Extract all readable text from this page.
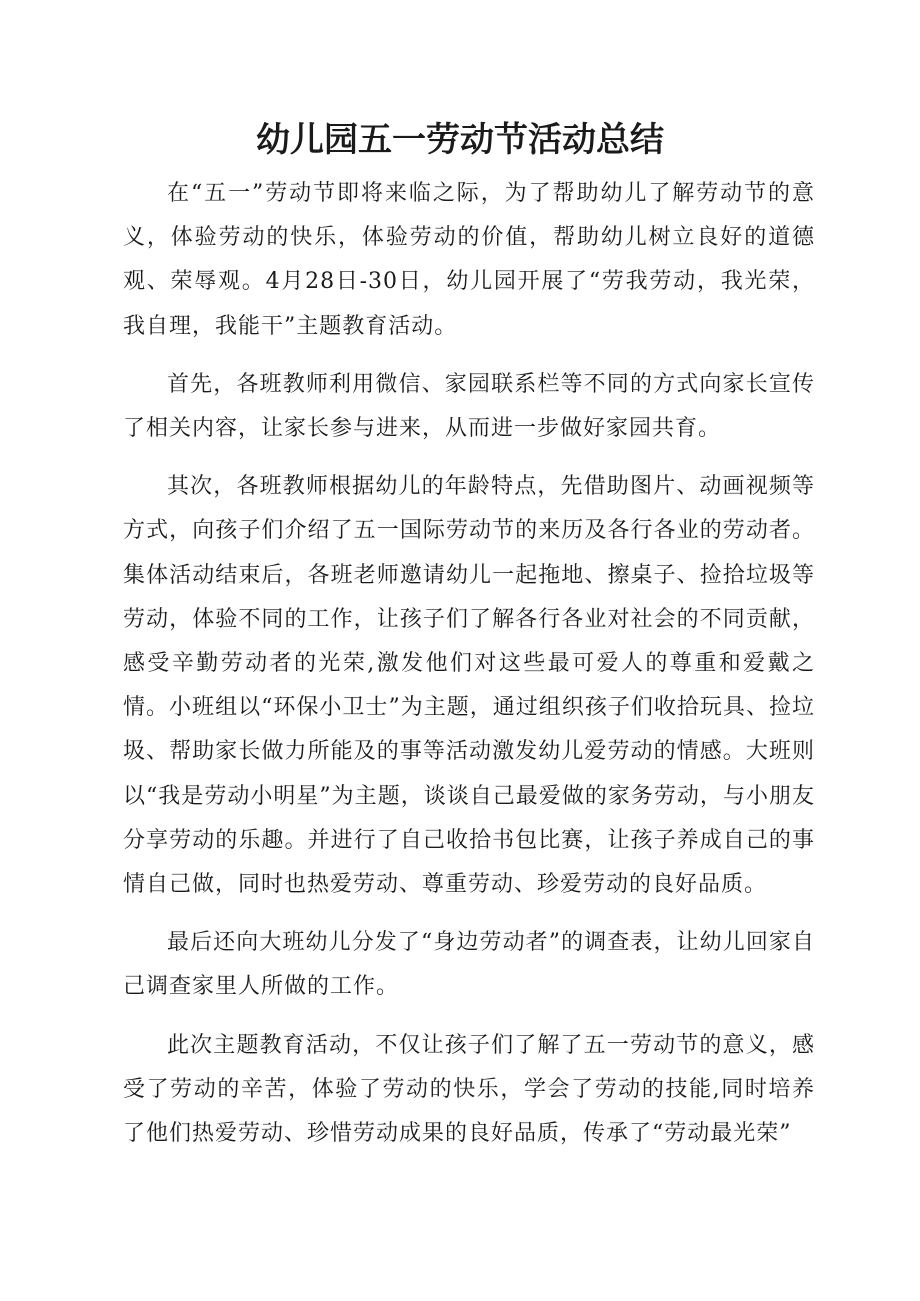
幼儿园五一劳动节活动总结

在“五一”劳动节即将来临之际，为了帮助幼儿了解劳动节的意义，体验劳动的快乐，体验劳动的价值，帮助幼儿树立良好的道德观、荣辱观。4月28日-30日，幼儿园开展了“劳我劳动，我光荣，我自理，我能干”主题教育活动。

首先，各班教师利用微信、家园联系栏等不同的方式向家长宣传了相关内容，让家长参与进来，从而进一步做好家园共育。

其次，各班教师根据幼儿的年龄特点，先借助图片、动画视频等方式，向孩子们介绍了五一国际劳动节的来历及各行各业的劳动者。集体活动结束后，各班老师邀请幼儿一起拖地、擦桌子、捡拾垃圾等劳动，体验不同的工作，让孩子们了解各行各业对社会的不同贡献，感受辛勤劳动者的光荣,激发他们对这些最可爱人的尊重和爱戴之情。小班组以“环保小卫士”为主题，通过组织孩子们收拾玩具、捡垃圾、帮助家长做力所能及的事等活动激发幼儿爱劳动的情感。大班则以“我是劳动小明星”为主题，谈谈自己最爱做的家务劳动，与小朋友分享劳动的乐趣。并进行了自己收拾书包比赛，让孩子养成自己的事情自己做，同时也热爱劳动、尊重劳动、珍爱劳动的良好品质。

最后还向大班幼儿分发了“身边劳动者”的调查表，让幼儿回家自己调查家里人所做的工作。

此次主题教育活动，不仅让孩子们了解了五一劳动节的意义，感受了劳动的辛苦，体验了劳动的快乐，学会了劳动的技能,同时培养了他们热爱劳动、珍惜劳动成果的良好品质，传承了“劳动最光荣”
